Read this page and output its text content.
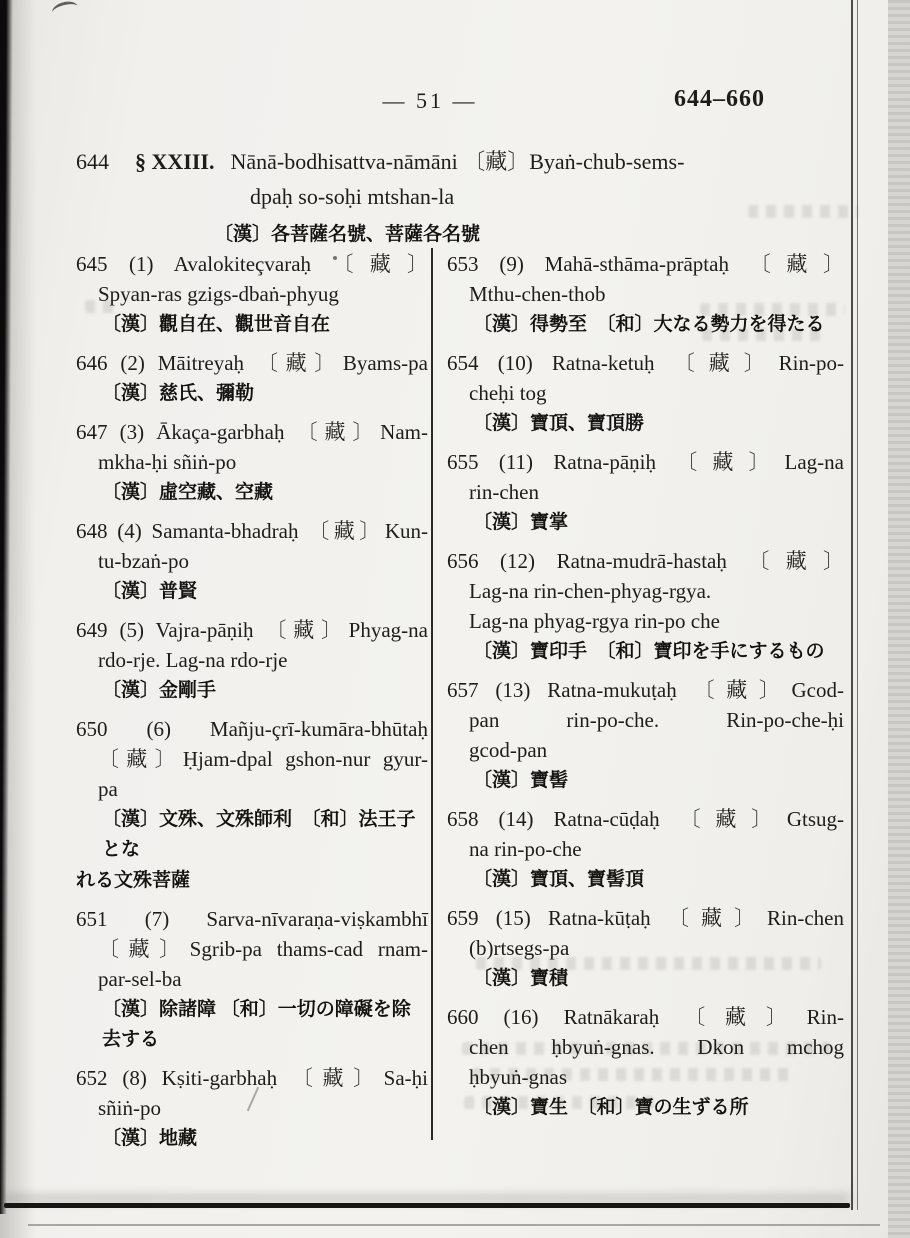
— 51 —	644–660
644 § XXIII. Nānā-bodhisattva-nāmāni 〔藏〕Byaṅ-chub-sems-
dpaḥ so-soḥi mtshan-la
〔漢〕各菩薩名號、菩薩各名號
645 (1) Avalokiteçvaraḥ 〔藏〕
Spyan-ras gzigs-dbaṅ-phyug
〔漢〕觀自在、觀世音自在
646 (2) Māitreyaḥ 〔藏〕Byams-pa
〔漢〕慈氏、彌勒
647 (3) Ākaça-garbhaḥ 〔藏〕Nam-
mkha-ḥi sñiṅ-po
〔漢〕虛空藏、空藏
648 (4) Samanta-bhadraḥ 〔藏〕Kun-
tu-bzaṅ-po
〔漢〕普賢
649 (5) Vajra-pāṇiḥ 〔藏〕Phyag-na
rdo-rje. Lag-na rdo-rje
〔漢〕金剛手
650 (6) Mañju-çrī-kumāra-bhūtaḥ
〔藏〕Ḥjam-dpal gshon-nur gyur-
pa
〔漢〕文殊、文殊師利　〔和〕法王子とな
れる文殊菩薩
651 (7) Sarva-nīvaraṇa-viṣkambhī
〔藏〕Sgrib-pa thams-cad rnam-
par-sel-ba
〔漢〕除諸障 〔和〕一切の障礙を除去する
652 (8) Kṣiti-garbhaḥ 〔藏〕Sa-ḥi
sñiṅ-po
〔漢〕地藏
653 (9) Mahā-sthāma-prāptaḥ 〔藏〕
Mthu-chen-thob
〔漢〕得勢至　〔和〕大なる勢力を得たる
654 (10) Ratna-ketuḥ 〔藏〕Rin-po-
cheḥi tog
〔漢〕寶頂、寶頂勝
655 (11) Ratna-pāṇiḥ 〔藏〕Lag-na
rin-chen
〔漢〕寶掌
656 (12) Ratna-mudrā-hastaḥ 〔藏〕
Lag-na rin-chen-phyag-rgya.
Lag-na phyag-rgya rin-po che
〔漢〕寶印手　〔和〕寶印を手にするもの
657 (13) Ratna-mukuṭaḥ 〔藏〕Gcod-
pan rin-po-che. Rin-po-che-ḥi
gcod-pan
〔漢〕寶髻
658 (14) Ratna-cūḍaḥ 〔藏〕Gtsug-
na rin-po-che
〔漢〕寶頂、寶髻頂
659 (15) Ratna-kūṭaḥ 〔藏〕Rin-chen
(b)rtsegs-pa
〔漢〕寶積
660 (16) Ratnākaraḥ 〔藏〕Rin-
chen ḥbyuṅ-gnas. Dkon mchog
ḥbyuṅ-gnas
〔漢〕寶生　〔和〕寶の生ずる所
